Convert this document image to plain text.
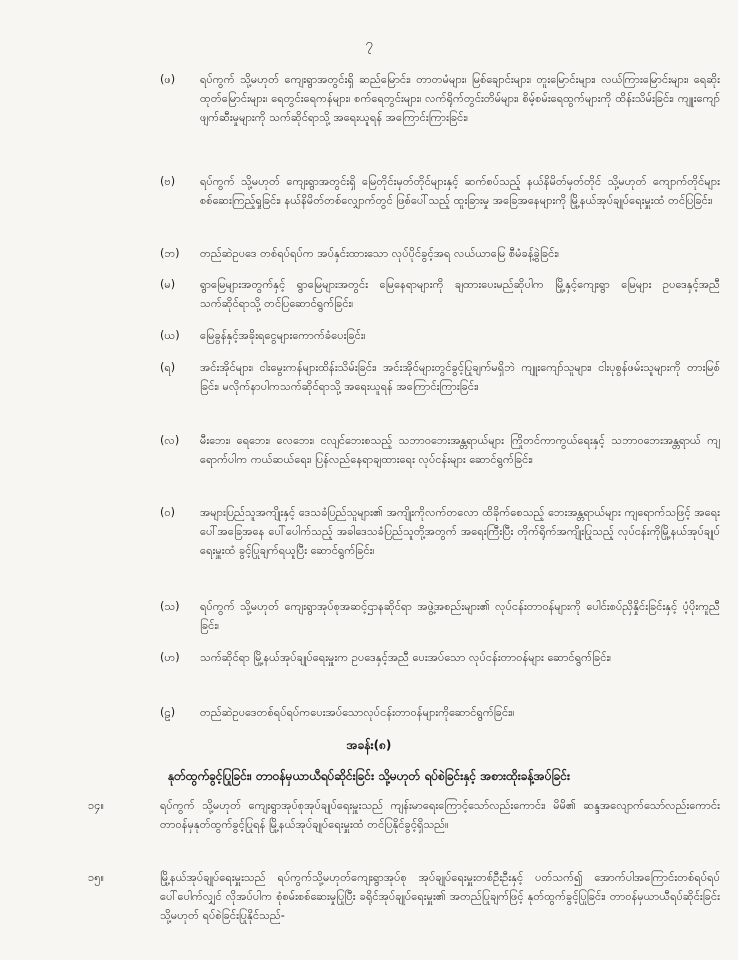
၇
(ဖ)	ရပ်ကွက် သို့မဟုတ် ကျေးရွာအတွင်းရှိ ဆည်မြောင်း၊ တာတမံများ၊ မြစ်ချောင်းများ၊ တူးမြောင်းများ၊ လယ်ကြားမြောင်းများ၊ ရေဆိုးထုတ်မြောင်းများ၊ ရေတွင်းရေကန်များ၊ စက်ရေတွင်းများ၊ လက်ရိုက်တွင်းတိမ်များ၊ စိမ့်စမ်းရေထွက်များကို ထိန်းသိမ်းခြင်း၊ ကျူးကျော်ဖျက်ဆီးမှုများကို သက်ဆိုင်ရာသို့ အရေးယူရန် အကြောင်းကြားခြင်း၊
(ဗ)	ရပ်ကွက် သို့မဟုတ် ကျေးရွာအတွင်းရှိ မြေတိုင်းမှတ်တိုင်များနှင့် ဆက်စပ်သည့် နယ်နိမိတ်မှတ်တိုင် သို့မဟုတ် ကျောက်တိုင်များ စစ်ဆေးကြည့်ရှုခြင်း၊ နယ်နိမိတ်တစ်လျှောက်တွင် ဖြစ်ပေါ်သည့် ထူးခြားမှု အခြေအနေများကို မြို့နယ်အုပ်ချုပ်ရေးမှူးထံ တင်ပြခြင်း၊
(ဘ)	တည်ဆဲဥပဒေ တစ်ရပ်ရပ်က အပ်နှင်းထားသော လုပ်ပိုင်ခွင့်အရ လယ်ယာမြေ စီမံခန့်ခွဲခြင်း၊
(မ)	ရွာမြေများအတွက်နှင့် ရွာမြေများအတွင်း မြေနေရာများကို ချထားပေးမည်ဆိုပါက မြို့နှင့်ကျေးရွာ မြေများ ဥပဒေနှင့်အညီ သက်ဆိုင်ရာသို့ တင်ပြဆောင်ရွက်ခြင်း၊
(ယ)	မြေခွန်နှင့်အခိုးရငွေများကောက်ခံပေးခြင်း၊
(ရ)	အင်းအိုင်များ၊ ငါးမွေးကန်များထိန်းသိမ်းခြင်း၊ အင်းအိုင်များတွင်ခွင့်ပြုချက်မရှိဘဲ ကျူးကျော်သူများ၊ ငါးပုစွန်ဖမ်းသူများကို တားမြစ်ခြင်း၊ မလိုက်နာပါကသက်ဆိုင်ရာသို့ အရေးယူရန် အကြောင်းကြားခြင်း၊
(လ)	မီးဘေး၊ ရေဘေး၊ လေဘေး၊ ငလျင်ဘေးစသည့် သဘာဝဘေးအန္တရာယ်များ ကြိုတင်ကာကွယ်ရေးနှင့် သဘာဝဘေးအန္တရာယ် ကျရောက်ပါက ကယ်ဆယ်ရေး၊ ပြန်လည်နေရာချထားရေး လုပ်ငန်းများ ဆောင်ရွက်ခြင်း၊
(ဝ)	အများပြည်သူအကျိုးနှင့် ဒေသခံပြည်သူများ၏ အကျိုးကိုလက်တလော ထိခိုက်စေသည့် ဘေးအန္တရာယ်များ ကျရောက်သဖြင့် အရေးပေါ်အခြေအနေ ပေါ်ပေါက်သည့် အခါဒေသခံပြည်သူတို့အတွက် အရေးကြီးပြီး တိုက်ရိုက်အကျိုးပြုသည့် လုပ်ငန်းကိုမြို့နယ်အုပ်ချုပ်ရေးမှူးထံ ခွင့်ပြုချက်ရယူပြီး ဆောင်ရွက်ခြင်း၊
(သ)	ရပ်ကွက် သို့မဟုတ် ကျေးရွာအုပ်စုအဆင့်ဌာနဆိုင်ရာ အဖွဲ့အစည်းများ၏ လုပ်ငန်းတာဝန်များကို ပေါင်းစပ်ညှိနှိုင်းခြင်းနှင့် ပံ့ပိုးကူညီခြင်း၊
(ဟ)	သက်ဆိုင်ရာ မြို့နယ်အုပ်ချုပ်ရေးမှူးက ဥပဒေနှင့်အညီ ပေးအပ်သော လုပ်ငန်းတာဝန်များ ဆောင်ရွက်ခြင်း၊
(ဠ)	တည်ဆဲဥပဒေတစ်ရပ်ရပ်ကပေးအပ်သောလုပ်ငန်းတာဝန်များကိုဆောင်ရွက်ခြင်း။
အခန်း(၈)
နုတ်ထွက်ခွင့်ပြုခြင်း၊ တာဝန်မှယာယီရပ်ဆိုင်းခြင်း သို့မဟုတ် ရပ်စဲခြင်းနှင့် အစားထိုးခန့်အပ်ခြင်း
၁၄။	ရပ်ကွက် သို့မဟုတ် ကျေးရွာအုပ်စုအုပ်ချုပ်ရေးမှူးသည် ကျန်းမာရေးကြောင့်သော်လည်းကောင်း၊ မိမိ၏ ဆန္ဒအလျောက်သော်လည်းကောင်း တာဝန်မှနုတ်ထွက်ခွင့်ပြုရန် မြို့နယ်အုပ်ချုပ်ရေးမှူးထံ တင်ပြနိုင်ခွင့်ရှိသည်။
၁၅။	မြို့နယ်အုပ်ချုပ်ရေးမှူးသည် ရပ်ကွက်သို့မဟုတ်ကျေးရွာအုပ်စု အုပ်ချုပ်ရေးမှူးတစ်ဦးဦးနှင့် ပတ်သက်၍ အောက်ပါအကြောင်းတစ်ရပ်ရပ် ပေါ်ပေါက်လျှင် လိုအပ်ပါက စုံစမ်းစစ်ဆေးမှုပြုပြီး ခရိုင်အုပ်ချုပ်ရေးမှူး၏ အတည်ပြုချက်ဖြင့် နုတ်ထွက်ခွင့်ပြုခြင်း၊ တာဝန်မှယာယီရပ်ဆိုင်းခြင်း သို့မဟုတ် ရပ်စဲခြင်းပြုနိုင်သည်-
